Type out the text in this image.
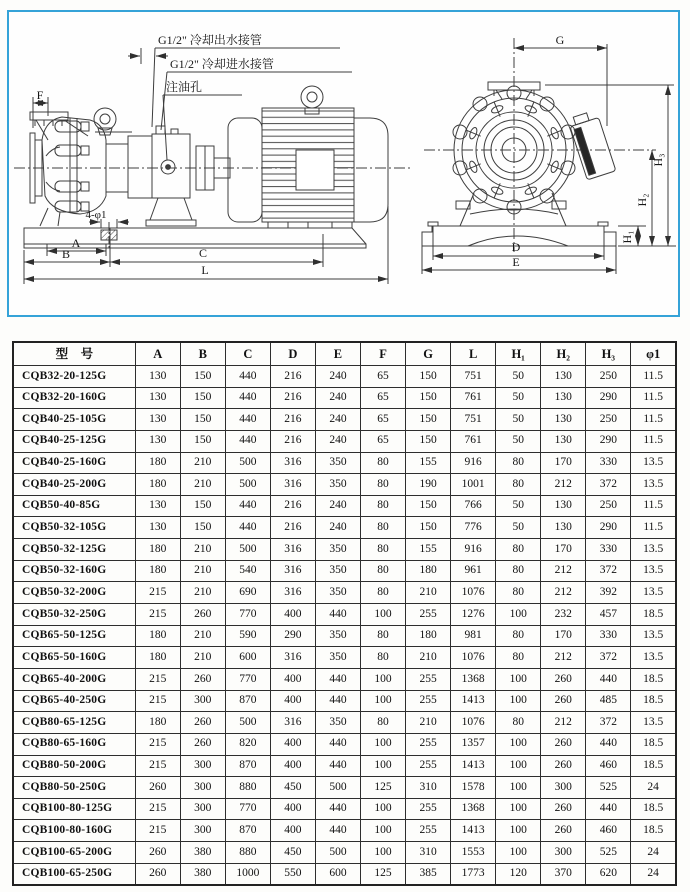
G1/2" 冷却出水接管
G1/2" 冷却进水接管
注油孔
4-φ1
F
A
B	C
L
G
D
E
H₁
H₂
H₃
型　号	A	B	C	D	E	F	G	L	H₁	H₂	H₃	φ1
CQB32-20-125G	130	150	440	216	240	65	150	751	50	130	250	11.5
CQB32-20-160G	130	150	440	216	240	65	150	761	50	130	290	11.5
CQB40-25-105G	130	150	440	216	240	65	150	751	50	130	250	11.5
CQB40-25-125G	130	150	440	216	240	65	150	761	50	130	290	11.5
CQB40-25-160G	180	210	500	316	350	80	155	916	80	170	330	13.5
CQB40-25-200G	180	210	500	316	350	80	190	1001	80	212	372	13.5
CQB50-40-85G	130	150	440	216	240	80	150	766	50	130	250	11.5
CQB50-32-105G	130	150	440	216	240	80	150	776	50	130	290	11.5
CQB50-32-125G	180	210	500	316	350	80	155	916	80	170	330	13.5
CQB50-32-160G	180	210	540	316	350	80	180	961	80	212	372	13.5
CQB50-32-200G	215	210	690	316	350	80	210	1076	80	212	392	13.5
CQB50-32-250G	215	260	770	400	440	100	255	1276	100	232	457	18.5
CQB65-50-125G	180	210	590	290	350	80	180	981	80	170	330	13.5
CQB65-50-160G	180	210	600	316	350	80	210	1076	80	212	372	13.5
CQB65-40-200G	215	260	770	400	440	100	255	1368	100	260	440	18.5
CQB65-40-250G	215	300	870	400	440	100	255	1413	100	260	485	18.5
CQB80-65-125G	180	260	500	316	350	80	210	1076	80	212	372	13.5
CQB80-65-160G	215	260	820	400	440	100	255	1357	100	260	440	18.5
CQB80-50-200G	215	300	870	400	440	100	255	1413	100	260	460	18.5
CQB80-50-250G	260	300	880	450	500	125	310	1578	100	300	525	24
CQB100-80-125G	215	300	770	400	440	100	255	1368	100	260	440	18.5
CQB100-80-160G	215	300	870	400	440	100	255	1413	100	260	460	18.5
CQB100-65-200G	260	380	880	450	500	100	310	1553	100	300	525	24
CQB100-65-250G	260	380	1000	550	600	125	385	1773	120	370	620	24
